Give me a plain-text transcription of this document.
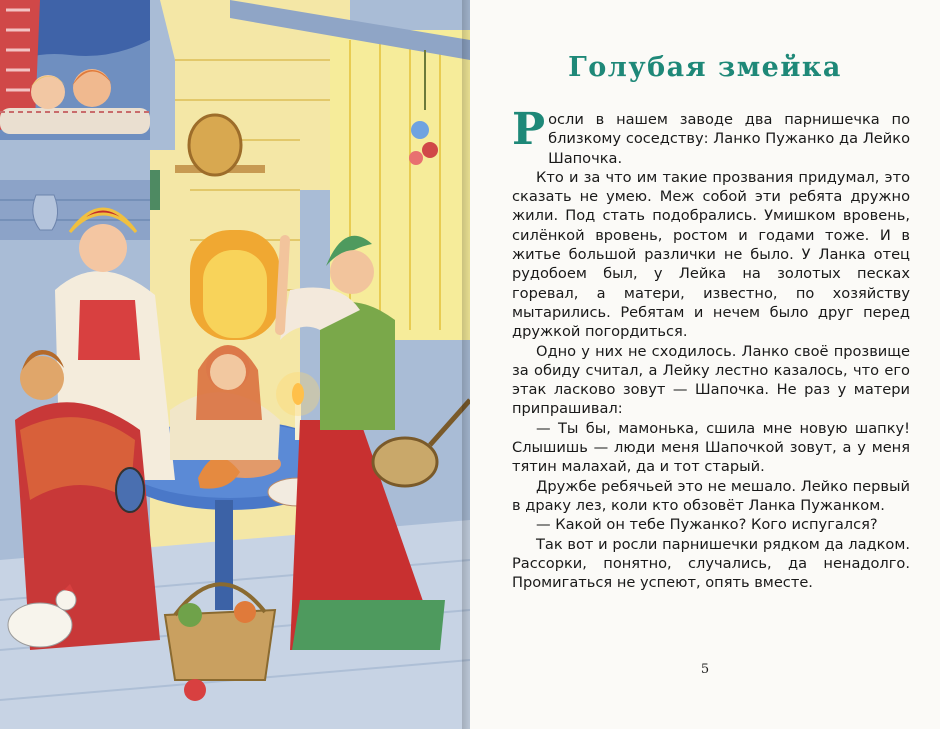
Голубая змейка

Росли в нашем заводе два парнишечка по близкому соседству: Ланко Пужанко да Лейко Шапочка.

Кто и за что им такие прозвания придумал, это сказать не умею. Меж собой эти ребята дружно жили. Под стать подобрались. Умишком вровень, силёнкой вровень, ростом и годами тоже. И в житье большой различки не было. У Ланка отец рудобоем был, у Лейка на золотых песках горевал, а матери, известно, по хозяйству мытарились. Ребятам и нечем было друг перед дружкой погордиться.

Одно у них не сходилось. Ланко своё прозвище за обиду считал, а Лейку лестно казалось, что его этак ласково зовут — Шапочка. Не раз у матери припрашивал:

— Ты бы, мамонька, сшила мне новую шапку! Слышишь — люди меня Шапочкой зовут, а у меня тятин малахай, да и тот старый.

Дружбе ребячьей это не мешало. Лейко первый в драку лез, коли кто обзовёт Ланка Пужанком.

— Какой он тебе Пужанко? Кого испугался?

Так вот и росли парнишечки рядком да ладком. Рассорки, понятно, случались, да ненадолго. Промигаться не успеют, опять вместе.

5
